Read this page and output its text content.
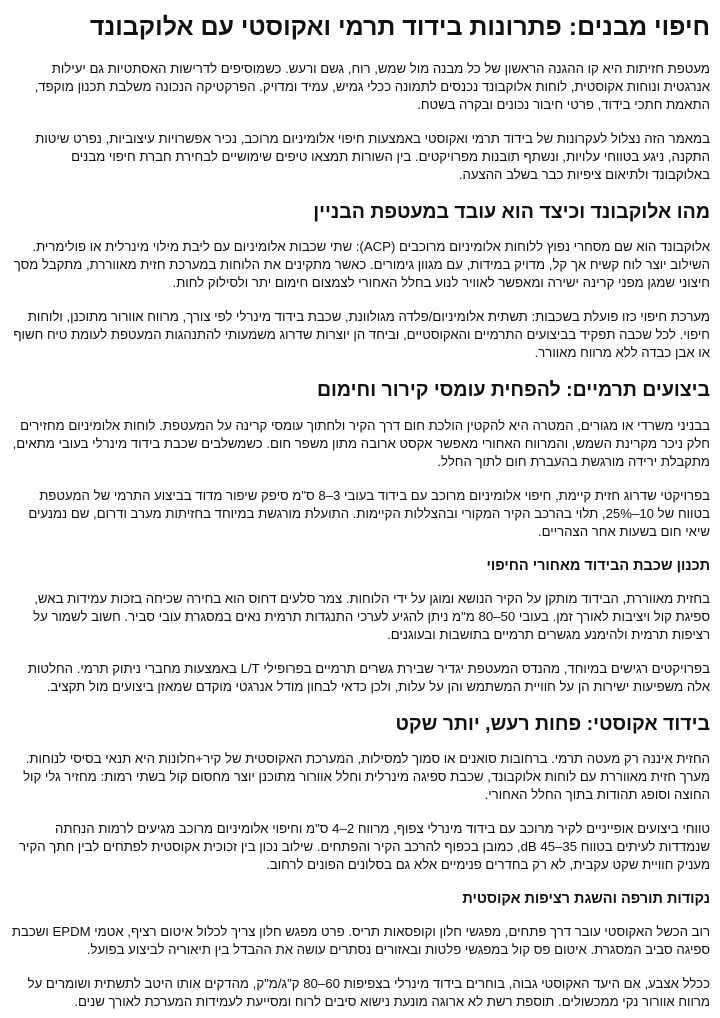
חיפוי מבנים: פתרונות בידוד תרמי ואקוסטי עם אלוקבונד

מעטפת חזיתות היא קו ההגנה הראשון של כל מבנה מול שמש, רוח, גשם ורעש. כשמוסיפים לדרישות האסתטיות גם יעילות אנרגטית ונוחות אקוסטית, לוחות אלוקבונד נכנסים לתמונה ככלי גמיש, עמיד ומדויק. הפרקטיקה הנכונה משלבת תכנון מוקפד, התאמת חתכי בידוד, פרטי חיבור נכונים ובקרה בשטח.

במאמר הזה נצלול לעקרונות של בידוד תרמי ואקוסטי באמצעות חיפוי אלומיניום מרוכב, נכיר אפשרויות עיצוביות, נפרט שיטות התקנה, ניגע בטווחי עלויות, ונשתף תובנות מפרויקטים. בין השורות תמצאו טיפים שימושיים לבחירת חברת חיפוי מבנים באלוקבונד ולתיאום ציפיות כבר בשלב ההצעה.

מהו אלוקבונד וכיצד הוא עובד במעטפת הבניין

אלוקבונד הוא שם מסחרי נפוץ ללוחות אלומיניום מרוכבים (ACP): שתי שכבות אלומיניום עם ליבת מילוי מינרלית או פולימרית. השילוב יוצר לוח קשיח אך קל, מדויק במידות, עם מגוון גימורים. כאשר מתקינים את הלוחות במערכת חזית מאווררת, מתקבל מסך חיצוני שמגן מפני קרינה ישירה ומאפשר לאוויר לנוע בחלל האחורי לצמצום חימום יתר ולסילוק לחות.

מערכת חיפוי כזו פועלת בשכבות: תשתית אלומיניום/פלדה מגולוונת, שכבת בידוד מינרלי לפי צורך, מרווח אוורור מתוכנן, ולוחות חיפוי. לכל שכבה תפקיד בביצועים התרמיים והאקוסטיים, וביחד הן יוצרות שדרוג משמעותי להתנהגות המעטפת לעומת טיח חשוף או אבן כבדה ללא מרווח מאוורר.

ביצועים תרמיים: להפחית עומסי קירור וחימום

בבניני משרדי או מגורים, המטרה היא להקטין הולכת חום דרך הקיר ולחתוך עומסי קרינה על המעטפת. לוחות אלומיניום מחזירים חלק ניכר מקרינת השמש, והמרווח האחורי מאפשר אקסט ארובה מתון משפר חום. כשמשלבים שכבת בידוד מינרלי בעובי מתאים, מתקבלת ירידה מורגשת בהעברת חום לתוך החלל.

בפרויקטי שדרוג חזית קיימת, חיפוי אלומיניום מרוכב עם בידוד בעובי 3–8 ס"מ סיפק שיפור מדוד בביצוע התרמי של המעטפת בטווח של 10–25%, תלוי בהרכב הקיר המקורי ובהצללות הקיימות. התועלת מורגשת במיוחד בחזיתות מערב ודרום, שם נמנעים שיאי חום בשעות אחר הצהריים.

תכנון שכבת הבידוד מאחורי החיפוי

בחזית מאווררת, הבידוד מותקן על הקיר הנושא ומוגן על ידי הלוחות. צמר סלעים דחוס הוא בחירה שכיחה בזכות עמידות באש, ספיגת קול ויציבות לאורך זמן. בעובי 50–80 מ"מ ניתן להגיע לערכי התנגדות תרמית נאים במסגרת עובי סביר. חשוב לשמור על רציפות תרמית ולהימנע מגשרים תרמיים בתושבות ובעוגנים.

בפרויקטים רגישים במיוחד, מהנדס המעטפת יגדיר שבירת גשרים תרמיים בפרופילי L/T באמצעות מחברי ניתוק תרמי. החלטות אלה משפיעות ישירות הן על חוויית המשתמש והן על עלות, ולכן כדאי לבחון מודל אנרגטי מוקדם שמאזן ביצועים מול תקציב.

בידוד אקוסטי: פחות רעש, יותר שקט

החזית איננה רק מעטה תרמי. ברחובות סואנים או סמוך למסילות, המערכת האקוסטית של קיר+חלונות היא תנאי בסיסי לנוחות. מערך חזית מאווררת עם לוחות אלוקבונד, שכבת ספיגה מינרלית וחלל אוורור מתוכנן יוצר מחסום קול בשתי רמות: מחזיר גלי קול החוצה וסופג תהודות בתוך החלל האחורי.

טווחי ביצועים אופייניים לקיר מרוכב עם בידוד מינרלי צפוף, מרווח 2–4 ס"מ וחיפוי אלומיניום מרוכב מגיעים לרמות הנחתה שנמדדות לעיתים בטווח 35–45 dB, כמובן בכפוף להרכב הקיר והפתחים. שילוב נכון בין זכוכית אקוסטית לפתחים לבין חתך הקיר מעניק חוויית שקט עקבית, לא רק בחדרים פנימיים אלא גם בסלונים הפונים לרחוב.

נקודות תורפה והשגת רציפות אקוסטית

רוב הכשל האקוסטי עובר דרך פתחים, מפגשי חלון וקופסאות תריס. פרט מפגש חלון צריך לכלול איטום רציף, אטמי EPDM ושכבת ספיגה סביב המסגרת. איטום פס קול במפגשי פלטות ובאזורים נסתרים עושה את ההבדל בין תיאוריה לביצוע בפועל.

ככלל אצבע, אם היעד האקוסטי גבוה, בוחרים בידוד מינרלי בצפיפות 60–80 ק"ג/מ"ק, מהדקים אותו היטב לתשתית ושומרים על מרווח אוורור נקי ממכשולים. תוספת רשת לא ארוגה מונעת נישוא סיבים לרוח ומסייעת לעמידות המערכת לאורך שנים.
